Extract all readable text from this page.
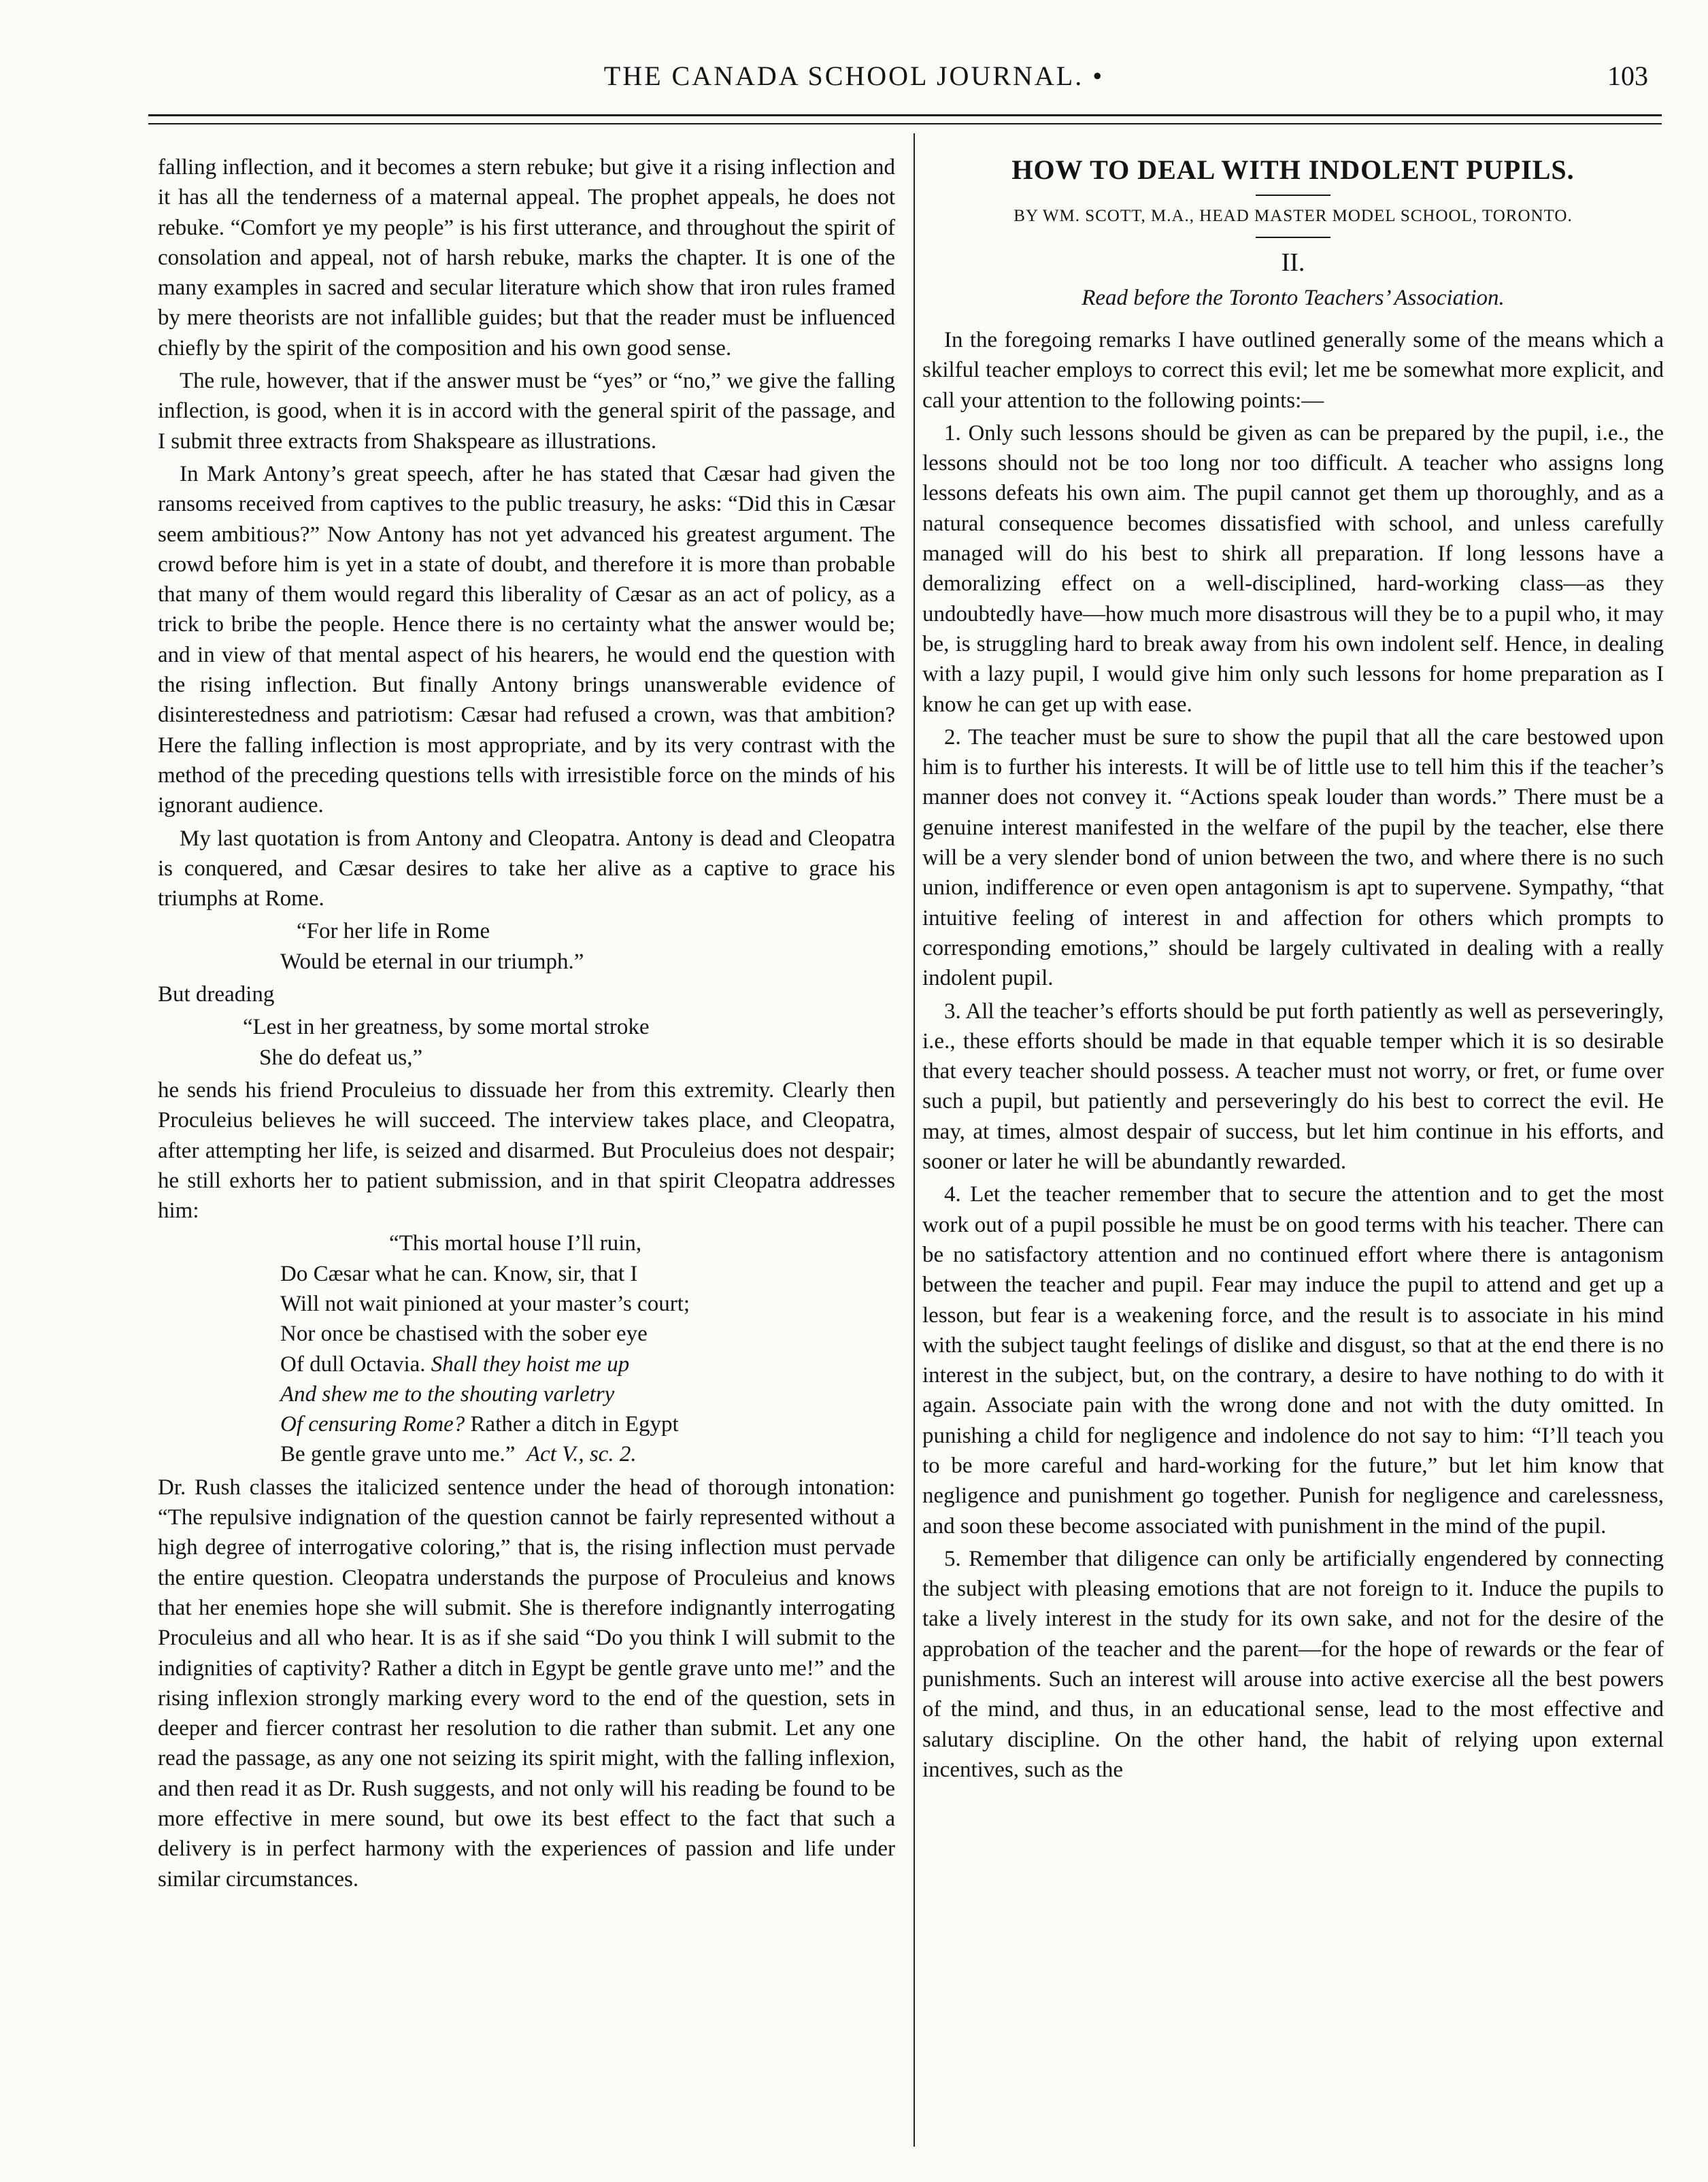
THE CANADA SCHOOL JOURNAL. •	103

falling inflection, and it becomes a stern rebuke; but give it a rising inflection and it has all the tenderness of a maternal appeal. The prophet appeals, he does not rebuke. “Comfort ye my people” is his first utterance, and throughout the spirit of consolation and appeal, not of harsh rebuke, marks the chapter. It is one of the many examples in sacred and secular literature which show that iron rules framed by mere theorists are not infallible guides; but that the reader must be influenced chiefly by the spirit of the composition and his own good sense.

The rule, however, that if the answer must be “yes” or “no,” we give the falling inflection, is good, when it is in accord with the general spirit of the passage, and I submit three extracts from Shakspeare as illustrations.

In Mark Antony’s great speech, after he has stated that Cæsar had given the ransoms received from captives to the public treasury, he asks: “Did this in Cæsar seem ambitious?” Now Antony has not yet advanced his greatest argument. The crowd before him is yet in a state of doubt, and therefore it is more than probable that many of them would regard this liberality of Cæsar as an act of policy, as a trick to bribe the people. Hence there is no certainty what the answer would be; and in view of that mental aspect of his hearers, he would end the question with the rising inflection. But finally Antony brings unanswerable evidence of disinterestedness and patriotism: Cæsar had refused a crown, was that ambition? Here the falling inflection is most appropriate, and by its very contrast with the method of the preceding questions tells with irresistible force on the minds of his ignorant audience.

My last quotation is from Antony and Cleopatra. Antony is dead and Cleopatra is conquered, and Cæsar desires to take her alive as a captive to grace his triumphs at Rome.

“For her life in Rome
Would be eternal in our triumph.”

But dreading

“Lest in her greatness, by some mortal stroke
She do defeat us,”

he sends his friend Proculeius to dissuade her from this extremity. Clearly then Proculeius believes he will succeed. The interview takes place, and Cleopatra, after attempting her life, is seized and disarmed. But Proculeius does not despair; he still exhorts her to patient submission, and in that spirit Cleopatra addresses him:

“This mortal house I’ll ruin,
Do Cæsar what he can. Know, sir, that I
Will not wait pinioned at your master’s court;
Nor once be chastised with the sober eye
Of dull Octavia. Shall they hoist me up
And shew me to the shouting varletry
Of censuring Rome? Rather a ditch in Egypt
Be gentle grave unto me.” Act V., sc. 2.

Dr. Rush classes the italicized sentence under the head of thorough intonation: “The repulsive indignation of the question cannot be fairly represented without a high degree of interrogative coloring,” that is, the rising inflection must pervade the entire question. Cleopatra understands the purpose of Proculeius and knows that her enemies hope she will submit. She is therefore indignantly interrogating Proculeius and all who hear. It is as if she said “Do you think I will submit to the indignities of captivity? Rather a ditch in Egypt be gentle grave unto me!” and the rising inflexion strongly marking every word to the end of the question, sets in deeper and fiercer contrast her resolution to die rather than submit. Let any one read the passage, as any one not seizing its spirit might, with the falling inflexion, and then read it as Dr. Rush suggests, and not only will his reading be found to be more effective in mere sound, but owe its best effect to the fact that such a delivery is in perfect harmony with the experiences of passion and life under similar circumstances.

HOW TO DEAL WITH INDOLENT PUPILS.
BY WM. SCOTT, M.A., HEAD MASTER MODEL SCHOOL, TORONTO.
II.
Read before the Toronto Teachers’ Association.

In the foregoing remarks I have outlined generally some of the means which a skilful teacher employs to correct this evil; let me be somewhat more explicit, and call your attention to the following points:—

1. Only such lessons should be given as can be prepared by the pupil, i.e., the lessons should not be too long nor too difficult. A teacher who assigns long lessons defeats his own aim. The pupil cannot get them up thoroughly, and as a natural consequence becomes dissatisfied with school, and unless carefully managed will do his best to shirk all preparation. If long lessons have a demoralizing effect on a well-disciplined, hard-working class—as they undoubtedly have—how much more disastrous will they be to a pupil who, it may be, is struggling hard to break away from his own indolent self. Hence, in dealing with a lazy pupil, I would give him only such lessons for home preparation as I know he can get up with ease.

2. The teacher must be sure to show the pupil that all the care bestowed upon him is to further his interests. It will be of little use to tell him this if the teacher’s manner does not convey it. “Actions speak louder than words.” There must be a genuine interest manifested in the welfare of the pupil by the teacher, else there will be a very slender bond of union between the two, and where there is no such union, indifference or even open antagonism is apt to supervene. Sympathy, “that intuitive feeling of interest in and affection for others which prompts to corresponding emotions,” should be largely cultivated in dealing with a really indolent pupil.

3. All the teacher’s efforts should be put forth patiently as well as perseveringly, i.e., these efforts should be made in that equable temper which it is so desirable that every teacher should possess. A teacher must not worry, or fret, or fume over such a pupil, but patiently and perseveringly do his best to correct the evil. He may, at times, almost despair of success, but let him continue in his efforts, and sooner or later he will be abundantly rewarded.

4. Let the teacher remember that to secure the attention and to get the most work out of a pupil possible he must be on good terms with his teacher. There can be no satisfactory attention and no continued effort where there is antagonism between the teacher and pupil. Fear may induce the pupil to attend and get up a lesson, but fear is a weakening force, and the result is to associate in his mind with the subject taught feelings of dislike and disgust, so that at the end there is no interest in the subject, but, on the contrary, a desire to have nothing to do with it again. Associate pain with the wrong done and not with the duty omitted. In punishing a child for negligence and indolence do not say to him: “I’ll teach you to be more careful and hard-working for the future,” but let him know that negligence and punishment go together. Punish for negligence and carelessness, and soon these become associated with punishment in the mind of the pupil.

5. Remember that diligence can only be artificially engendered by connecting the subject with pleasing emotions that are not foreign to it. Induce the pupils to take a lively interest in the study for its own sake, and not for the desire of the approbation of the teacher and the parent—for the hope of rewards or the fear of punishments. Such an interest will arouse into active exercise all the best powers of the mind, and thus, in an educational sense, lead to the most effective and salutary discipline. On the other hand, the habit of relying upon external incentives, such as the
